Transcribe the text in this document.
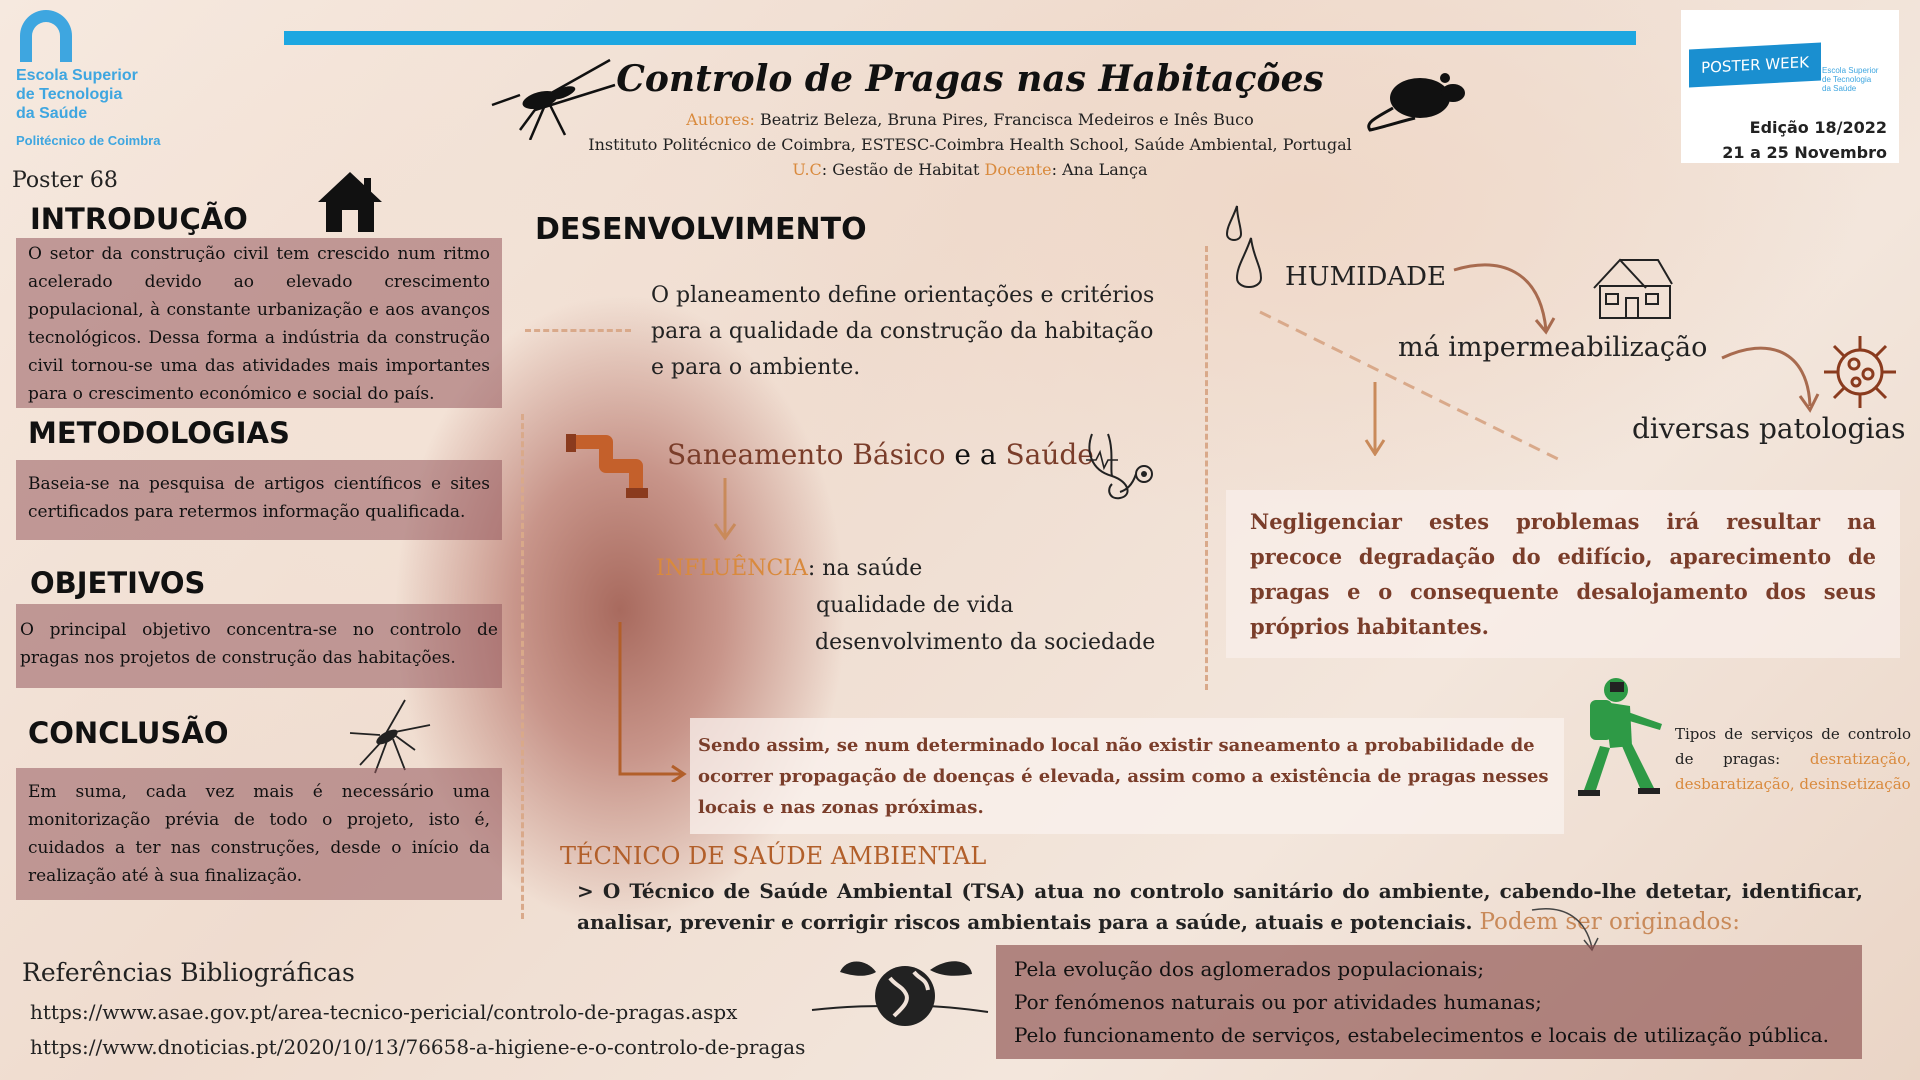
Escola Superior
de Tecnologia
da Saúde
Politécnico de Coimbra
Controlo de Pragas nas Habitações
Autores: Beatriz Beleza, Bruna Pires, Francisca Medeiros e Inês Buco
Instituto Politécnico de Coimbra, ESTESC-Coimbra Health School, Saúde Ambiental, Portugal
U.C: Gestão de Habitat Docente: Ana Lança
POSTER WEEK	Escola Superior
de Tecnologia
da Saúde
Edição 18/2022
21 a 25 Novembro
Poster 68
INTRODUÇÃO
O setor da construção civil tem crescido num ritmo acelerado devido ao elevado crescimento populacional, à constante urbanização e aos avanços tecnológicos. Dessa forma a indústria da construção civil tornou-se uma das atividades mais importantes para o crescimento económico e social do país.
METODOLOGIAS
Baseia-se na pesquisa de artigos científicos e sites certificados para retermos informação qualificada.
OBJETIVOS
O principal objetivo concentra-se no controlo de pragas nos projetos de construção das habitações.
CONCLUSÃO
Em suma, cada vez mais é necessário uma monitorização prévia de todo o projeto, isto é, cuidados a ter nas construções, desde o início da realização até à sua finalização.
DESENVOLVIMENTO
O planeamento define orientações e critérios para a qualidade da construção da habitação e para o ambiente.
Saneamento Básico e a Saúde
INFLUÊNCIA: na saúde
qualidade de vida
desenvolvimento da sociedade
Sendo assim, se num determinado local não existir saneamento a probabilidade de ocorrer propagação de doenças é elevada, assim como a existência de pragas nesses locais e nas zonas próximas.
HUMIDADE
má impermeabilização
diversas patologias
Negligenciar estes problemas irá resultar na precoce degradação do edifício, aparecimento de pragas e o consequente desalojamento dos seus próprios habitantes.
Tipos de serviços de controlo de pragas: desratização, desbaratização, desinsetização
TÉCNICO DE SAÚDE AMBIENTAL
> O Técnico de Saúde Ambiental (TSA) atua no controlo sanitário do ambiente, cabendo-lhe detetar, identificar, analisar, prevenir e corrigir riscos ambientais para a saúde, atuais e potenciais. Podem ser originados:
Pela evolução dos aglomerados populacionais;
Por fenómenos naturais ou por atividades humanas;
Pelo funcionamento de serviços, estabelecimentos e locais de utilização pública.
Referências Bibliográficas
https://www.asae.gov.pt/area-tecnico-pericial/controlo-de-pragas.aspx
https://www.dnoticias.pt/2020/10/13/76658-a-higiene-e-o-controlo-de-pragas
